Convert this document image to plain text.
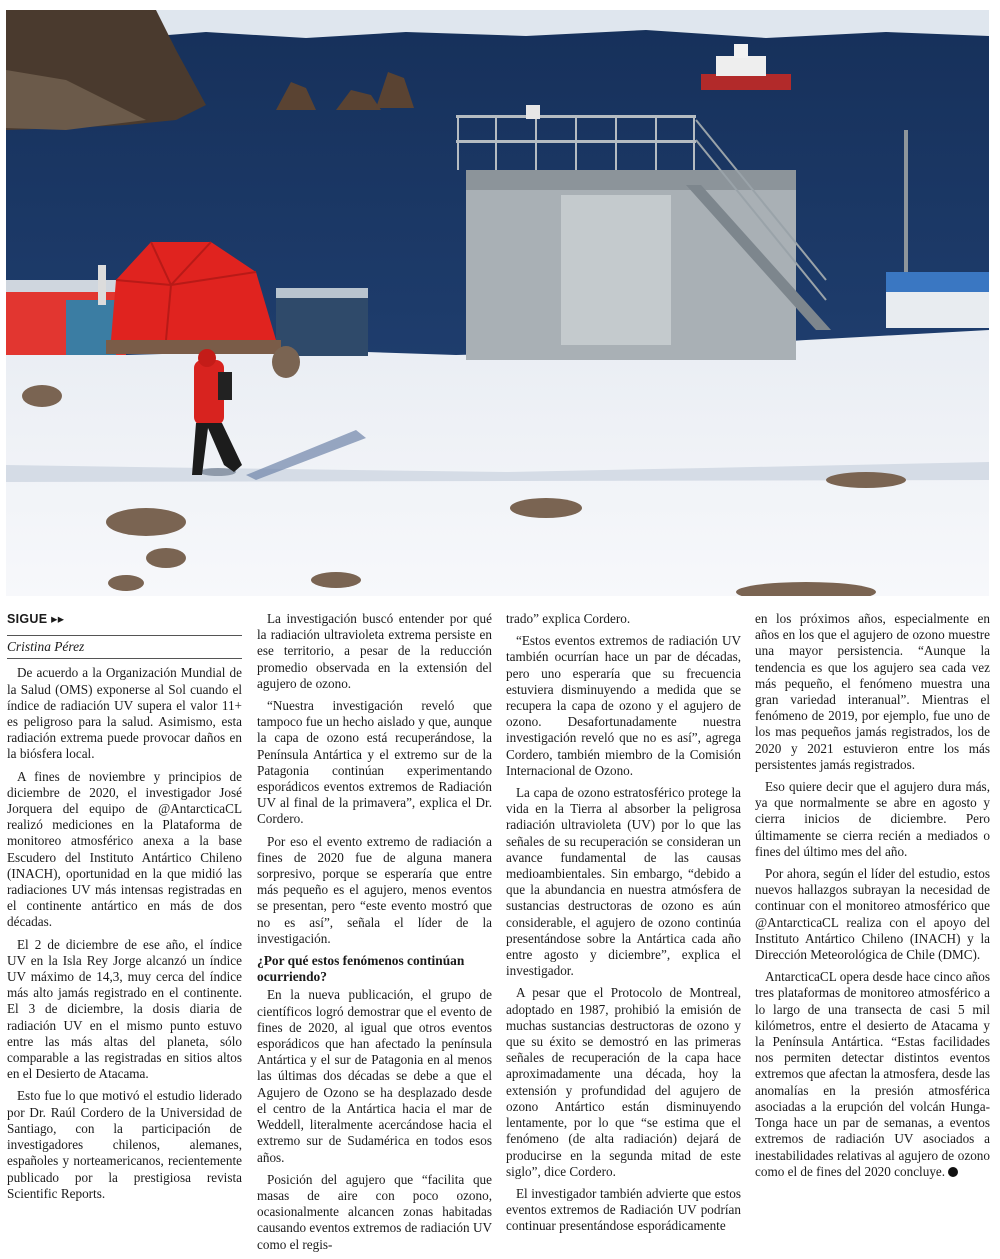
SIGUE ▸▸
Cristina Pérez

De acuerdo a la Organización Mundial de la Salud (OMS) exponerse al Sol cuando el índice de radiación UV supera el valor 11+ es peligroso para la salud. Asimismo, esta radiación extrema puede provocar daños en la biósfera local.

A fines de noviembre y principios de diciembre de 2020, el investigador José Jorquera del equipo de @AntarcticaCL realizó mediciones en la Plataforma de monitoreo atmosférico anexa a la base Escudero del Instituto Antártico Chileno (INACH), oportunidad en la que midió las radiaciones UV más intensas registradas en el continente antártico en más de dos décadas.

El 2 de diciembre de ese año, el índice UV en la Isla Rey Jorge alcanzó un índice UV máximo de 14,3, muy cerca del índice más alto jamás registrado en el continente. El 3 de diciembre, la dosis diaria de radiación UV en el mismo punto estuvo entre las más altas del planeta, sólo comparable a las registradas en sitios altos en el Desierto de Atacama.

Esto fue lo que motivó el estudio liderado por Dr. Raúl Cordero de la Universidad de Santiago, con la participación de investigadores chilenos, alemanes, españoles y norteamericanos, recientemente publicado por la prestigiosa revista Scientific Reports.

La investigación buscó entender por qué la radiación ultravioleta extrema persiste en ese territorio, a pesar de la reducción promedio observada en la extensión del agujero de ozono.

“Nuestra investigación reveló que tampoco fue un hecho aislado y que, aunque la capa de ozono está recuperándose, la Península Antártica y el extremo sur de la Patagonia continúan experimentando esporádicos eventos extremos de Radiación UV al final de la primavera”, explica el Dr. Cordero.

Por eso el evento extremo de radiación a fines de 2020 fue de alguna manera sorpresivo, porque se esperaría que entre más pequeño es el agujero, menos eventos se presentan, pero “este evento mostró que no es así”, señala el líder de la investigación.

¿Por qué estos fenómenos continúan ocurriendo?

En la nueva publicación, el grupo de científicos logró demostrar que el evento de fines de 2020, al igual que otros eventos esporádicos que han afectado la península Antártica y el sur de Patagonia en al menos las últimas dos décadas se debe a que el Agujero de Ozono se ha desplazado desde el centro de la Antártica hacia el mar de Weddell, literalmente acercándose hacia el extremo sur de Sudamérica en todos esos años.

Posición del agujero que “facilita que masas de aire con poco ozono, ocasionalmente alcancen zonas habitadas causando eventos extremos de radiación UV como el regis-

trado” explica Cordero.

“Estos eventos extremos de radiación UV también ocurrían hace un par de décadas, pero uno esperaría que su frecuencia estuviera disminuyendo a medida que se recupera la capa de ozono y el agujero de ozono. Desafortunadamente nuestra investigación reveló que no es así”, agrega Cordero, también miembro de la Comisión Internacional de Ozono.

La capa de ozono estratosférico protege la vida en la Tierra al absorber la peligrosa radiación ultravioleta (UV) por lo que las señales de su recuperación se consideran un avance fundamental de las causas medioambientales. Sin embargo, “debido a que la abundancia en nuestra atmósfera de sustancias destructoras de ozono es aún considerable, el agujero de ozono continúa presentándose sobre la Antártica cada año entre agosto y diciembre”, explica el investigador.

A pesar que el Protocolo de Montreal, adoptado en 1987, prohibió la emisión de muchas sustancias destructoras de ozono y que su éxito se demostró en las primeras señales de recuperación de la capa hace aproximadamente una década, hoy la extensión y profundidad del agujero de ozono Antártico están disminuyendo lentamente, por lo que “se estima que el fenómeno (de alta radiación) dejará de producirse en la segunda mitad de este siglo”, dice Cordero.

El investigador también advierte que estos eventos extremos de Radiación UV podrían continuar presentándose esporádicamente

en los próximos años, especialmente en años en los que el agujero de ozono muestre una mayor persistencia. “Aunque la tendencia es que los agujero sea cada vez más pequeño, el fenómeno muestra una gran variedad interanual”. Mientras el fenómeno de 2019, por ejemplo, fue uno de los mas pequeños jamás registrados, los de 2020 y 2021 estuvieron entre los más persistentes jamás registrados.

Eso quiere decir que el agujero dura más, ya que normalmente se abre en agosto y cierra inicios de diciembre. Pero últimamente se cierra recién a mediados o fines del último mes del año.

Por ahora, según el líder del estudio, estos nuevos hallazgos subrayan la necesidad de continuar con el monitoreo atmosférico que @AntarcticaCL realiza con el apoyo del Instituto Antártico Chileno (INACH) y la Dirección Meteorológica de Chile (DMC).

AntarcticaCL opera desde hace cinco años tres plataformas de monitoreo atmosférico a lo largo de una transecta de casi 5 mil kilómetros, entre el desierto de Atacama y la Península Antártica. “Estas facilidades nos permiten detectar distintos eventos extremos que afectan la atmosfera, desde las anomalías en la presión atmosférica asociadas a la erupción del volcán Hunga-Tonga hace un par de semanas, a eventos extremos de radiación UV asociados a inestabilidades relativas al agujero de ozono como el de fines del 2020 concluye.
